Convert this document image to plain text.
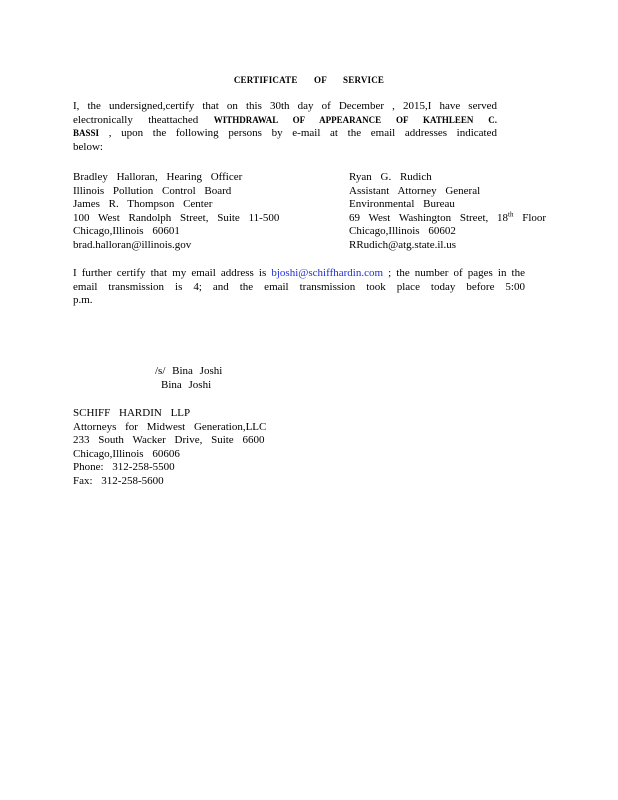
CERTIFICATE OF SERVICE
I, the undersigned,certify that on this 30th day of December , 2015,I have served
electronically theattached WITHDRAWAL OF APPEARANCE OF KATHLEEN C.
BASSI , upon the following persons by e-mail at the email addresses indicated below:
Bradley Halloran, Hearing Officer
Illinois Pollution Control Board
James R. Thompson Center
100 West Randolph Street, Suite 11-500
Chicago,Illinois 60601
brad.halloran@illinois.gov
Ryan G. Rudich
Assistant Attorney General
Environmental Bureau
69 West Washington Street, 18th Floor
Chicago,Illinois 60602
RRudich@atg.state.il.us
I further certify that my email address is bjoshi@schiffhardin.com ; the number of pages in the
email transmission is 4; and the email transmission took place today before 5:00 p.m.
/s/ Bina Joshi
Bina Joshi
SCHIFF HARDIN LLP
Attorneys for Midwest Generation,LLC
233 South Wacker Drive, Suite 6600
Chicago,Illinois 60606
Phone: 312-258-5500
Fax: 312-258-5600
